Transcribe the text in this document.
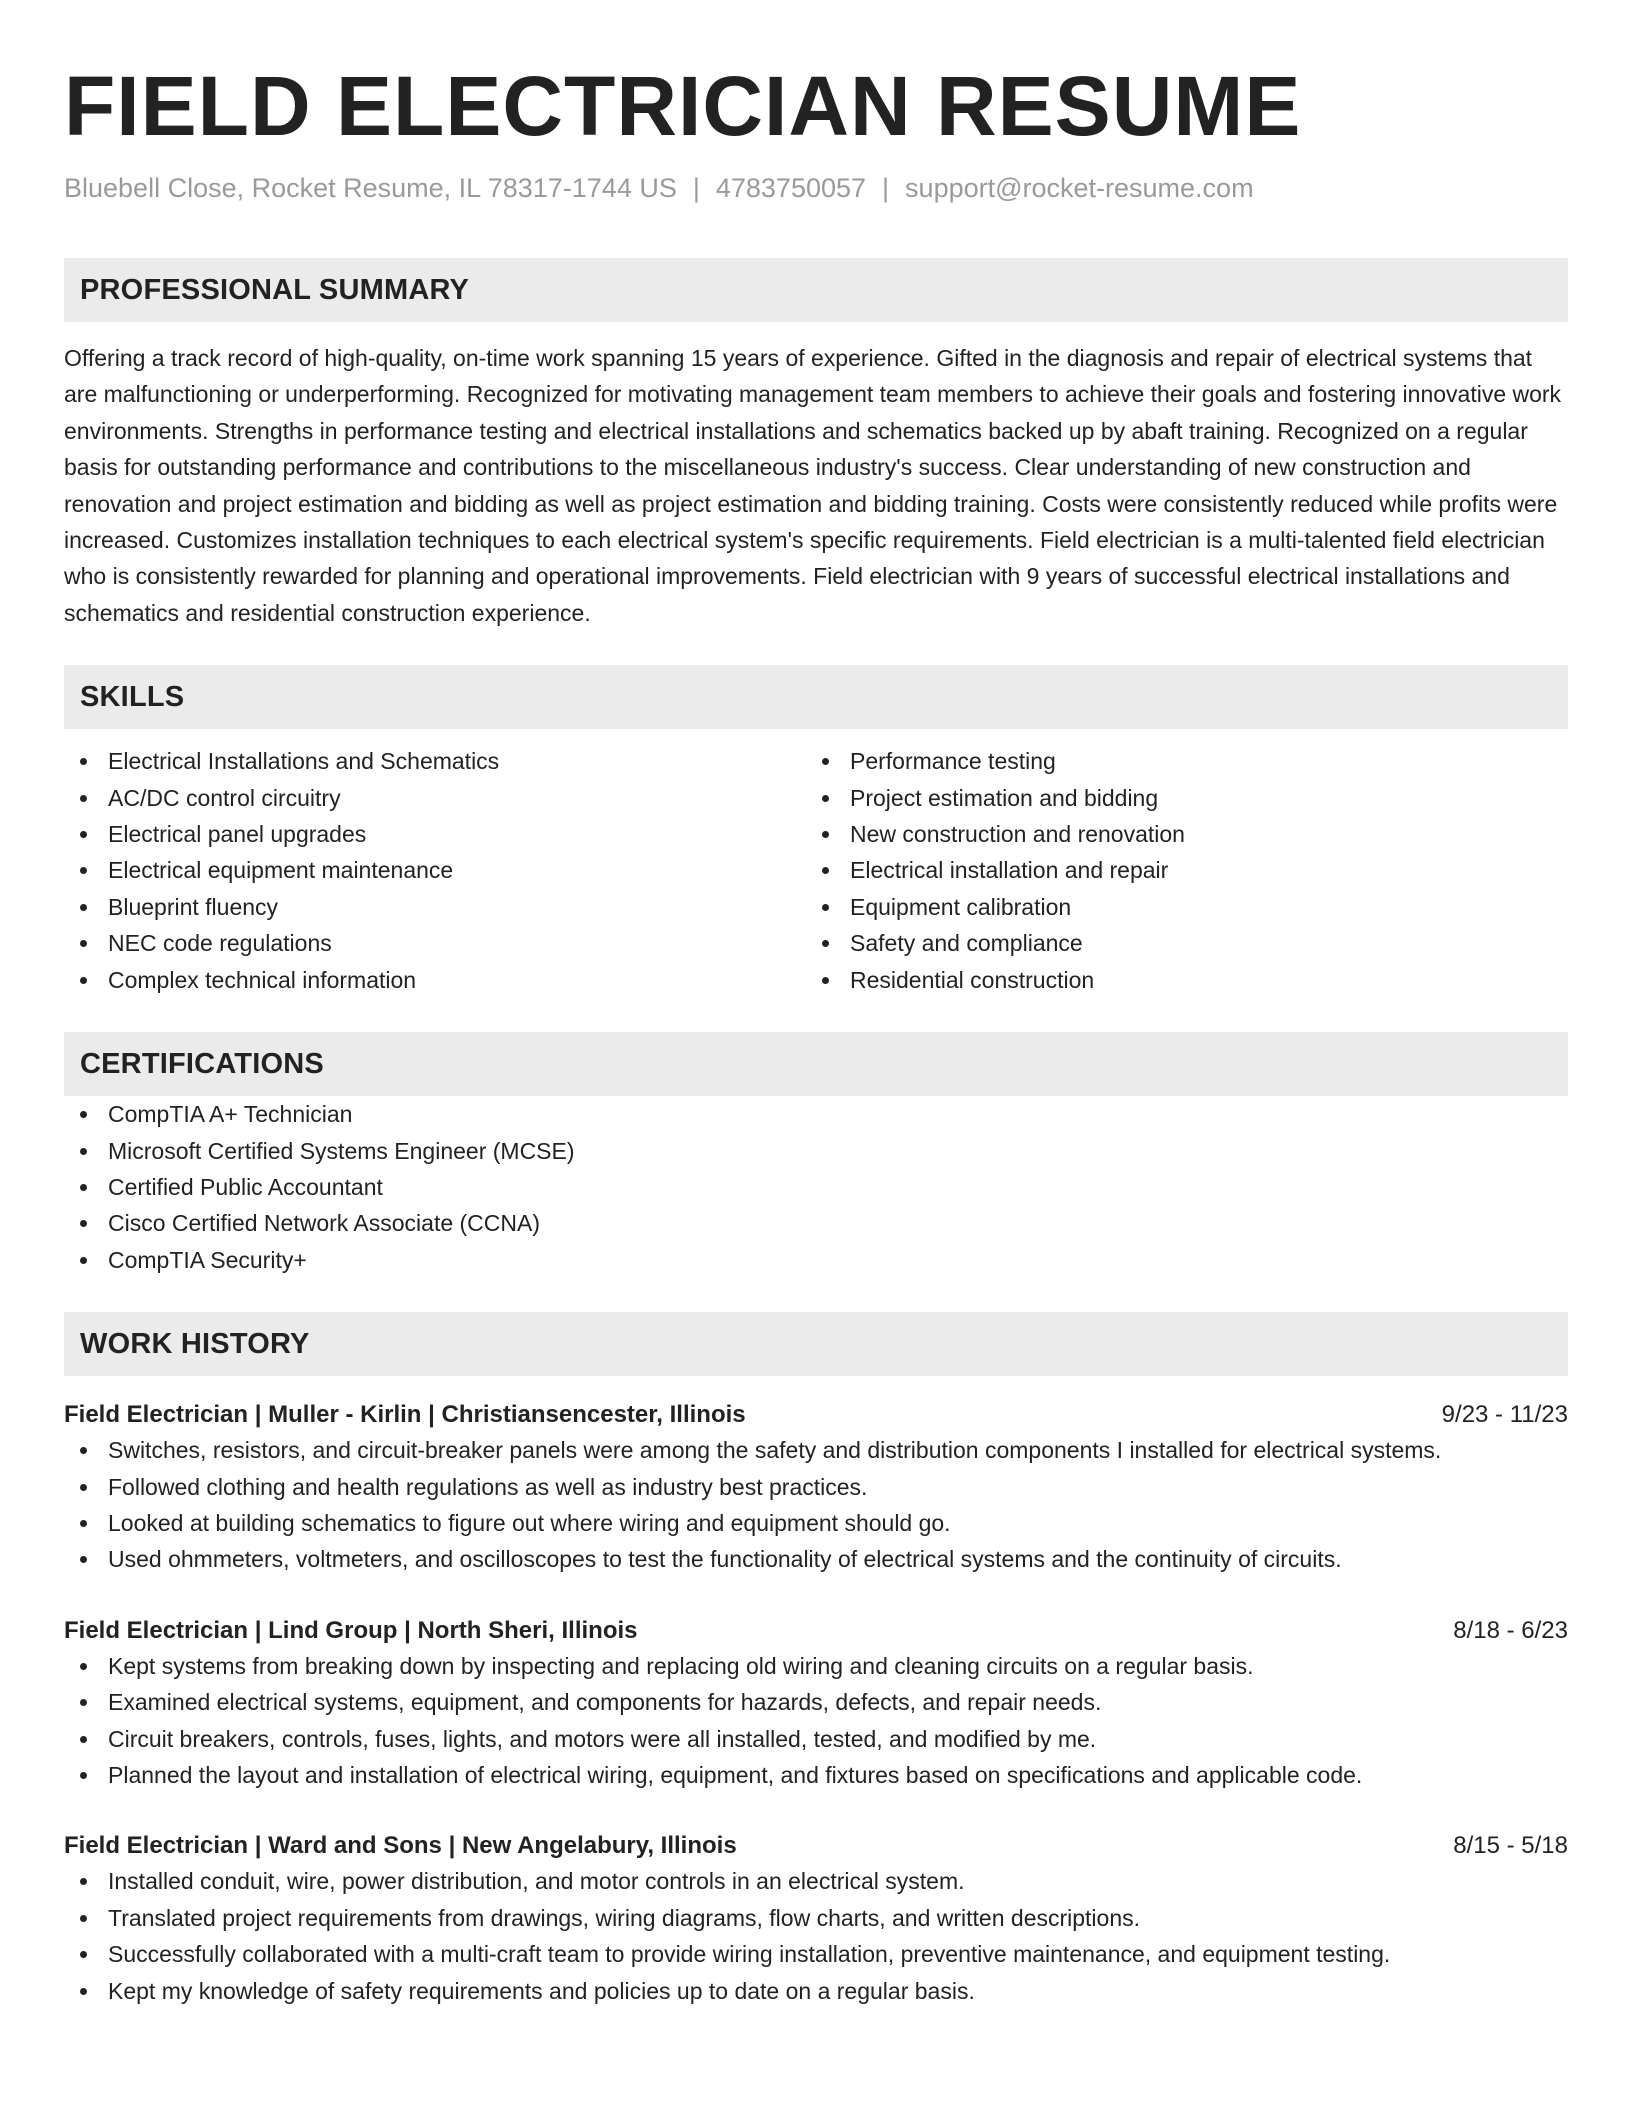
FIELD ELECTRICIAN RESUME
Bluebell Close, Rocket Resume, IL 78317-1744 US | 4783750057 | support@rocket-resume.com
PROFESSIONAL SUMMARY
Offering a track record of high-quality, on-time work spanning 15 years of experience. Gifted in the diagnosis and repair of electrical systems that are malfunctioning or underperforming. Recognized for motivating management team members to achieve their goals and fostering innovative work environments. Strengths in performance testing and electrical installations and schematics backed up by abaft training. Recognized on a regular basis for outstanding performance and contributions to the miscellaneous industry's success. Clear understanding of new construction and renovation and project estimation and bidding as well as project estimation and bidding training. Costs were consistently reduced while profits were increased. Customizes installation techniques to each electrical system's specific requirements. Field electrician is a multi-talented field electrician who is consistently rewarded for planning and operational improvements. Field electrician with 9 years of successful electrical installations and schematics and residential construction experience.
SKILLS
Electrical Installations and Schematics
AC/DC control circuitry
Electrical panel upgrades
Electrical equipment maintenance
Blueprint fluency
NEC code regulations
Complex technical information
Performance testing
Project estimation and bidding
New construction and renovation
Electrical installation and repair
Equipment calibration
Safety and compliance
Residential construction
CERTIFICATIONS
CompTIA A+ Technician
Microsoft Certified Systems Engineer (MCSE)
Certified Public Accountant
Cisco Certified Network Associate (CCNA)
CompTIA Security+
WORK HISTORY
Field Electrician | Muller - Kirlin | Christiansencester, Illinois	9/23 - 11/23
Switches, resistors, and circuit-breaker panels were among the safety and distribution components I installed for electrical systems.
Followed clothing and health regulations as well as industry best practices.
Looked at building schematics to figure out where wiring and equipment should go.
Used ohmmeters, voltmeters, and oscilloscopes to test the functionality of electrical systems and the continuity of circuits.
Field Electrician | Lind Group | North Sheri, Illinois	8/18 - 6/23
Kept systems from breaking down by inspecting and replacing old wiring and cleaning circuits on a regular basis.
Examined electrical systems, equipment, and components for hazards, defects, and repair needs.
Circuit breakers, controls, fuses, lights, and motors were all installed, tested, and modified by me.
Planned the layout and installation of electrical wiring, equipment, and fixtures based on specifications and applicable code.
Field Electrician | Ward and Sons | New Angelabury, Illinois	8/15 - 5/18
Installed conduit, wire, power distribution, and motor controls in an electrical system.
Translated project requirements from drawings, wiring diagrams, flow charts, and written descriptions.
Successfully collaborated with a multi-craft team to provide wiring installation, preventive maintenance, and equipment testing.
Kept my knowledge of safety requirements and policies up to date on a regular basis.
